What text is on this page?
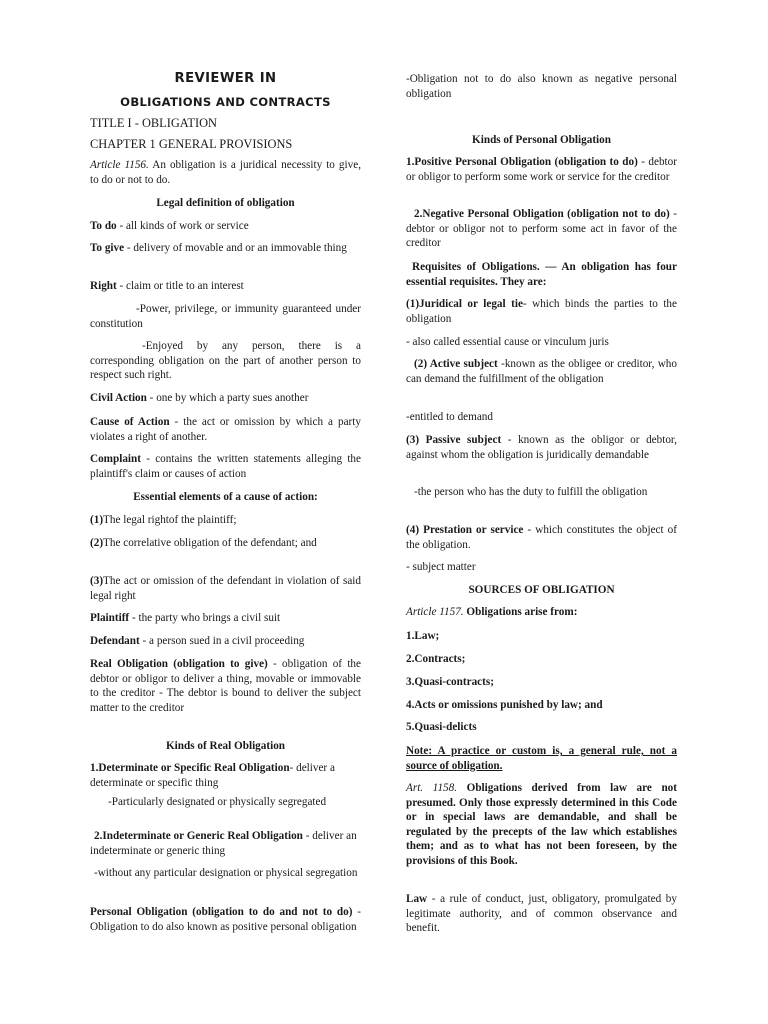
REVIEWER IN
OBLIGATIONS AND CONTRACTS

TITLE I - OBLIGATION

CHAPTER 1 GENERAL PROVISIONS

Article 1156. An obligation is a juridical necessity to give, to do or not to do.

Legal definition of obligation

To do - all kinds of work or service

To give - delivery of movable and or an immovable thing

Right - claim or title to an interest

-Power, privilege, or immunity guaranteed under constitution

-Enjoyed by any person, there is a corresponding obligation on the part of another person to respect such right.

Civil Action - one by which a party sues another

Cause of Action - the act or omission by which a party violates a right of another.

Complaint - contains the written statements alleging the plaintiff's claim or causes of action

Essential elements of a cause of action:

(1)The legal rightof the plaintiff;

(2)The correlative obligation of the defendant; and

(3)The act or omission of the defendant in violation of said legal right

Plaintiff - the party who brings a civil suit

Defendant - a person sued in a civil proceeding

Real Obligation (obligation to give) - obligation of the debtor or obligor to deliver a thing, movable or immovable to the creditor - The debtor is bound to deliver the subject matter to the creditor

Kinds of Real Obligation

1.Determinate or Specific Real Obligation- deliver a determinate or specific thing

-Particularly designated or physically segregated

2.Indeterminate or Generic Real Obligation - deliver an indeterminate or generic thing

-without any particular designation or physical segregation

Personal Obligation (obligation to do and not to do) -Obligation to do also known as positive personal obligation

-Obligation not to do also known as negative personal obligation

Kinds of Personal Obligation

1.Positive Personal Obligation (obligation to do) - debtor or obligor to perform some work or service for the creditor

2.Negative Personal Obligation (obligation not to do) -debtor or obligor not to perform some act in favor of the creditor

Requisites of Obligations. — An obligation has four essential requisites. They are:

(1)Juridical or legal tie- which binds the parties to the obligation

- also called essential cause or vinculum juris

(2) Active subject -known as the obligee or creditor, who can demand the fulfillment of the obligation

-entitled to demand

(3) Passive subject - known as the obligor or debtor, against whom the obligation is juridically demandable

-the person who has the duty to fulfill the obligation

(4) Prestation or service - which constitutes the object of the obligation.

- subject matter

SOURCES OF OBLIGATION

Article 1157. Obligations arise from:

1.Law;

2.Contracts;

3.Quasi-contracts;

4.Acts or omissions punished by law; and

5.Quasi-delicts

Note: A practice or custom is, a general rule, not a source of obligation.

Art. 1158. Obligations derived from law are not presumed. Only those expressly determined in this Code or in special laws are demandable, and shall be regulated by the precepts of the law which establishes them; and as to what has not been foreseen, by the provisions of this Book.

Law - a rule of conduct, just, obligatory, promulgated by legitimate authority, and of common observance and benefit.
